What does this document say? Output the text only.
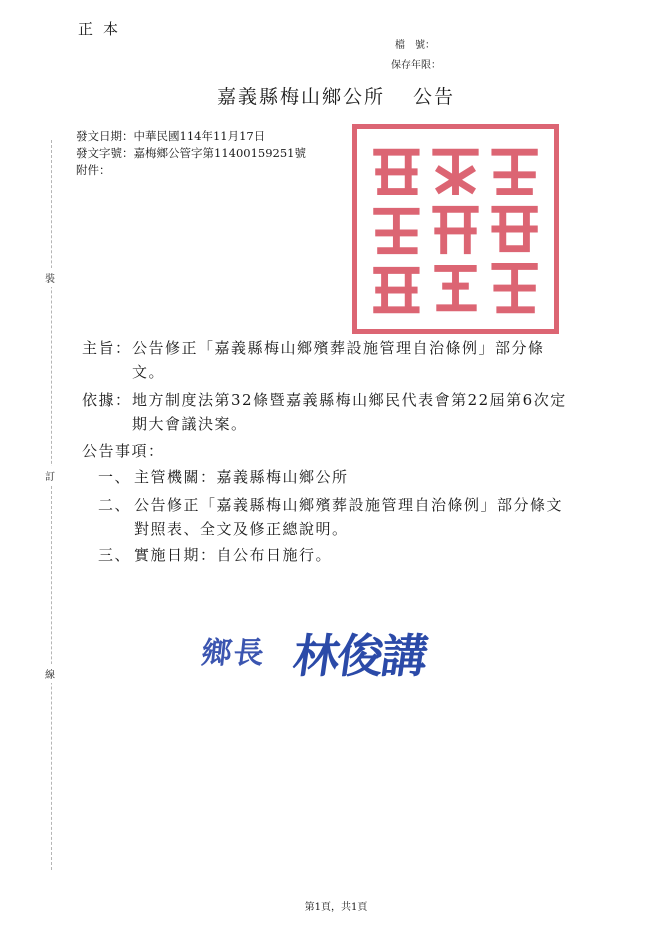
正本
檔　號：
保存年限：
嘉義縣梅山鄉公所 公告
發文日期：中華民國114年11月17日
發文字號：嘉梅鄉公管字第11400159251號
附件：
裝
訂
線
主旨： 公告修正「嘉義縣梅山鄉殯葬設施管理自治條例」部分條
文。
依據： 地方制度法第32條暨嘉義縣梅山鄉民代表會第22屆第6次定
期大會議決案。
公告事項：
一、 主管機關：嘉義縣梅山鄉公所
二、 公告修正「嘉義縣梅山鄉殯葬設施管理自治條例」部分條文
對照表、全文及修正總說明。
三、 實施日期：自公布日施行。
鄉長 林俊講
第1頁，共1頁
